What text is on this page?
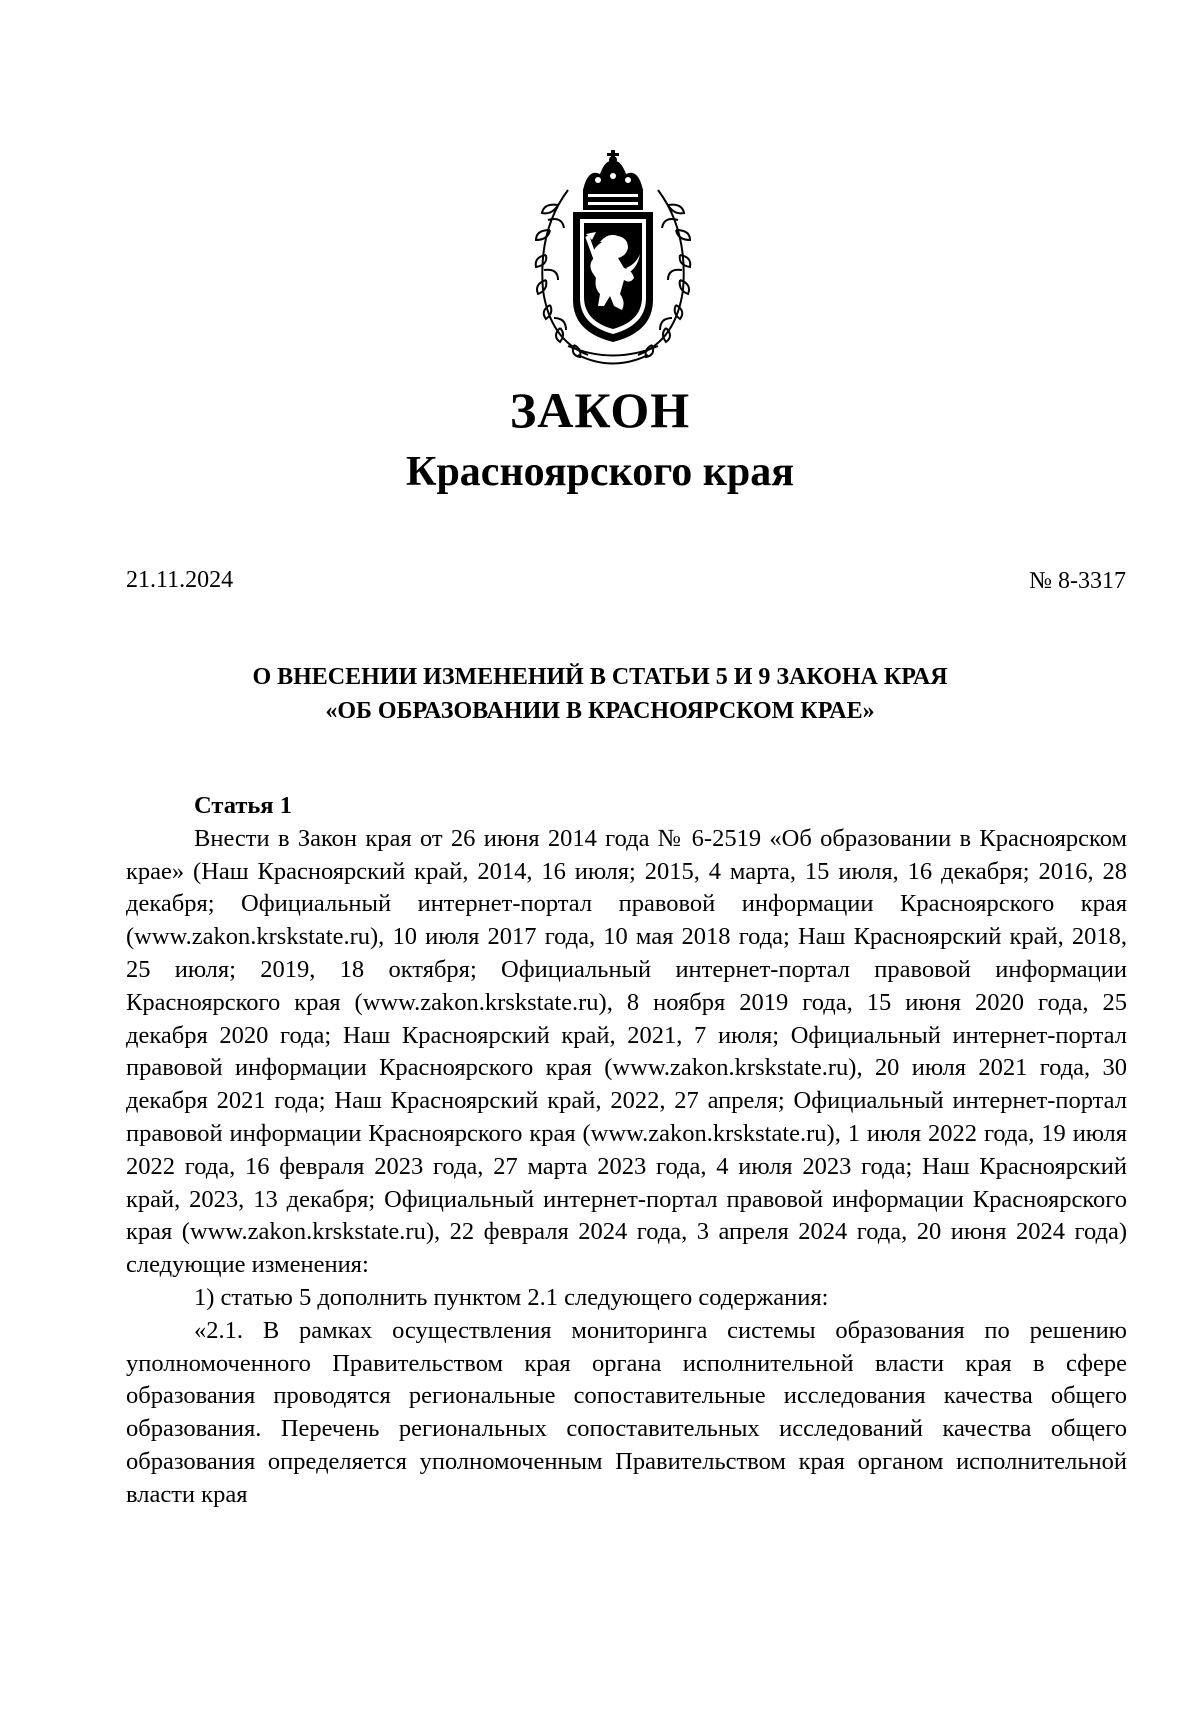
ЗАКОН
Красноярского края
21.11.2024	№ 8-3317
О ВНЕСЕНИИ ИЗМЕНЕНИЙ В СТАТЬИ 5 И 9 ЗАКОНА КРАЯ
«ОБ ОБРАЗОВАНИИ В КРАСНОЯРСКОМ КРАЕ»
Статья 1

Внести в Закон края от 26 июня 2014 года № 6-2519 «Об образовании в Красноярском крае» (Наш Красноярский край, 2014, 16 июля; 2015, 4 марта, 15 июля, 16 декабря; 2016, 28 декабря; Официальный интернет-портал правовой информации Красноярского края (www.zakon.krskstate.ru), 10 июля 2017 года, 10 мая 2018 года; Наш Красноярский край, 2018, 25 июля; 2019, 18 октября; Официальный интернет-портал правовой информации Красноярского края (www.zakon.krskstate.ru), 8 ноября 2019 года, 15 июня 2020 года, 25 декабря 2020 года; Наш Красноярский край, 2021, 7 июля; Официальный интернет-портал правовой информации Красноярского края (www.zakon.krskstate.ru), 20 июля 2021 года, 30 декабря 2021 года; Наш Красноярский край, 2022, 27 апреля; Официальный интернет-портал правовой информации Красноярского края (www.zakon.krskstate.ru), 1 июля 2022 года, 19 июля 2022 года, 16 февраля 2023 года, 27 марта 2023 года, 4 июля 2023 года; Наш Красноярский край, 2023, 13 декабря; Официальный интернет-портал правовой информации Красноярского края (www.zakon.krskstate.ru), 22 февраля 2024 года, 3 апреля 2024 года, 20 июня 2024 года) следующие изменения:

1) статью 5 дополнить пунктом 2.1 следующего содержания:

«2.1. В рамках осуществления мониторинга системы образования по решению уполномоченного Правительством края органа исполнительной власти края в сфере образования проводятся региональные сопоставительные исследования качества общего образования. Перечень региональных сопоставительных исследований качества общего образования определяется уполномоченным Правительством края органом исполнительной власти края
